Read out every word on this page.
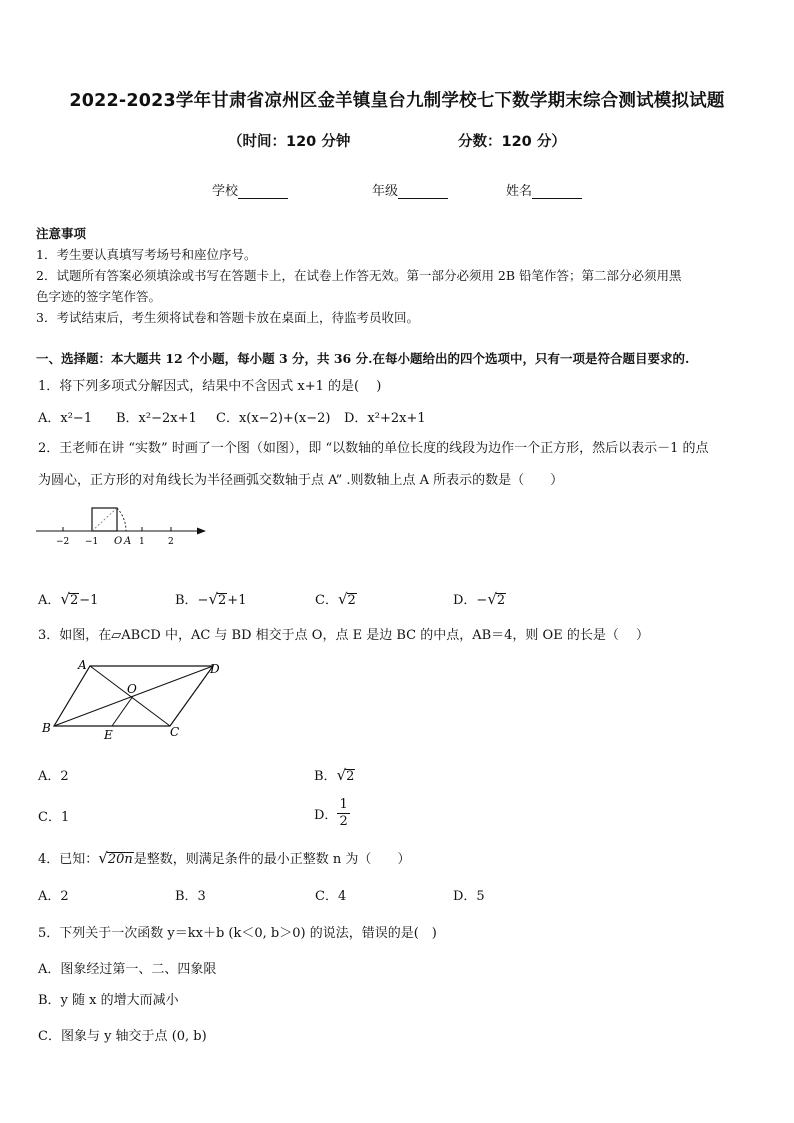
2022-2023学年甘肃省凉州区金羊镇皇台九制学校七下数学期末综合测试模拟试题
（时间：120 分钟	分数：120 分）
学校	年级	姓名
注意事项
1．考生要认真填写考场号和座位序号。
2．试题所有答案必须填涂或书写在答题卡上，在试卷上作答无效。第一部分必须用 2B 铅笔作答；第二部分必须用黑
色字迹的签字笔作答。
3．考试结束后，考生须将试卷和答题卡放在桌面上，待监考员收回。
一、选择题：本大题共 12 个小题，每小题 3 分，共 36 分.在每小题给出的四个选项中，只有一项是符合题目要求的.
1．将下列多项式分解因式，结果中不含因式 x+1 的是(　 )
A．x²−1 B．x²−2x+1 C．x(x−2)+(x−2) D．x²+2x+1
2．王老师在讲 “实数” 时画了一个图（如图），即 “以数轴的单位长度的线段为边作一个正方形，然后以表示－1 的点
为圆心，正方形的对角线长为半径画弧交数轴于点 A” .则数轴上点 A 所表示的数是（　　）
−2 −1 O A 1	2
A．√2−1	B．−√2+1	C．√2	D．−√2
3．如图，在▱ABCD 中，AC 与 BD 相交于点 O，点 E 是边 BC 的中点，AB＝4，则 OE 的长是（　 ）
A	D
O
B	E	C
A．2	B．√2
C．1	D． $\frac{1}{2}$
4．已知：√20n是整数，则满足条件的最小正整数 n 为（　　）
A．2	B．3	C．4	D．5
5．下列关于一次函数 y＝kx＋b (k＜0, b＞0) 的说法，错误的是(　)
A．图象经过第一、二、四象限
B．y 随 x 的增大而减小
C．图象与 y 轴交于点 (0, b)
